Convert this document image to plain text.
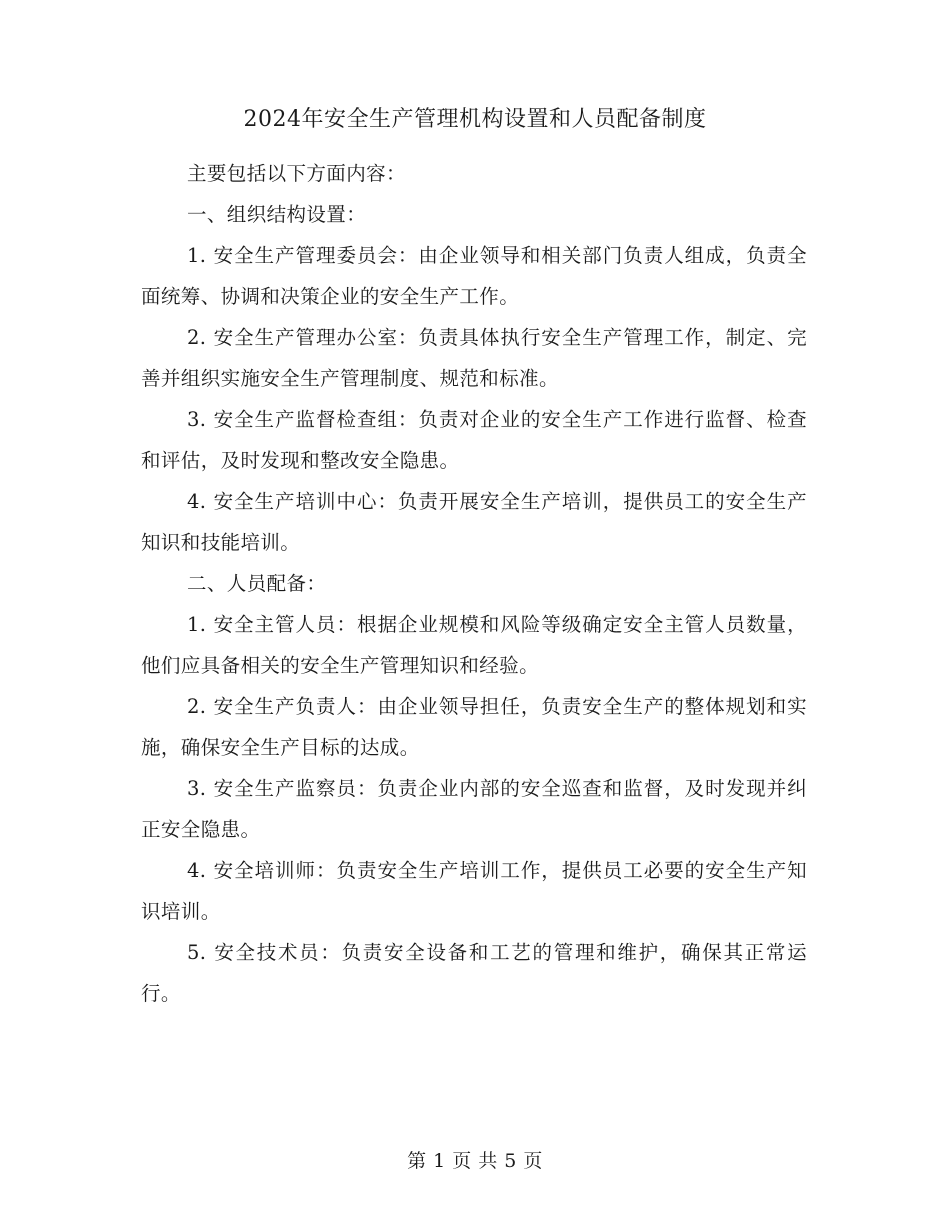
2024年安全生产管理机构设置和人员配备制度

主要包括以下方面内容：

一、组织结构设置：

1. 安全生产管理委员会：由企业领导和相关部门负责人组成，负责全面统筹、协调和决策企业的安全生产工作。

2. 安全生产管理办公室：负责具体执行安全生产管理工作，制定、完善并组织实施安全生产管理制度、规范和标准。

3. 安全生产监督检查组：负责对企业的安全生产工作进行监督、检查和评估，及时发现和整改安全隐患。

4. 安全生产培训中心：负责开展安全生产培训，提供员工的安全生产知识和技能培训。

二、人员配备：

1. 安全主管人员：根据企业规模和风险等级确定安全主管人员数量，他们应具备相关的安全生产管理知识和经验。

2. 安全生产负责人：由企业领导担任，负责安全生产的整体规划和实施，确保安全生产目标的达成。

3. 安全生产监察员：负责企业内部的安全巡查和监督，及时发现并纠正安全隐患。

4. 安全培训师：负责安全生产培训工作，提供员工必要的安全生产知识培训。

5. 安全技术员：负责安全设备和工艺的管理和维护，确保其正常运行。

第 1 页 共 5 页
